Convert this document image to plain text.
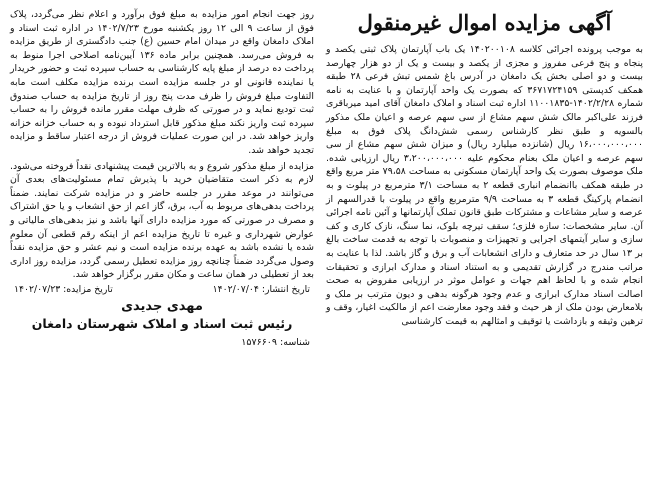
آگهی مزایده اموال غیرمنقول

به موجب پرونده اجرائی کلاسه ۱۴۰۲۰۰۱۰۸ یک باب آپارتمان پلاک ثبتی یکصد و پنجاه و پنج فرعی مفروز و مجزی از یکصد و بیست و یک از دو هزار چهارصد بیست و دو اصلی بخش یک دامغان در آدرس باغ شمس تبش فرعی ۲۸ طبقه همکف کدپستی ۳۶۷۱۷۲۴۱۵۹ که بصورت یک واحد آپارتمان و با عنایت به نامه شماره ۱۴۰۲/۲/۲۸-۱۱۰۰۱۸۳۵ اداره ثبت اسناد و املاک دامغان آقای امید میرباقری فرزند علی‌اکبر مالک شش سهم مشاع از سی سهم عرصه و اعیان ملک مذکور بالسویه و طبق نظر کارشناس رسمی شش‌دانگ پلاک فوق به مبلغ ۱۶،۰۰۰،۰۰۰،۰۰۰ ریال (شانزده میلیارد ریال) و میزان شش سهم مشاع از سی سهم عرصه و اعیان ملک بعنام محکوم علیه ۳،۲۰۰،۰۰۰،۰۰۰ ریال ارزیابی شده. ملک موصوف بصورت یک واحد آپارتمان مسکونی به مساحت ۷۹،۵۸ متر مربع واقع در طبقه همکف باانضمام انباری قطعه ۲ به مساحت ۳/۱ مترمربع در پیلوت و به انضمام پارکینگ قطعه ۳ به مساحت ۹/۹ مترمربع واقع در پیلوت با قدرالسهم از عرصه و سایر مشاعات و مشترکات طبق قانون تملک آپارتمانها و آئین نامه اجرائی آن. سایر مشخصات: سازه فلزی؛ سقف تیرچه بلوک، نما سنگ، نازک کاری و کف سازی و سایر آیتمهای اجرایی و تجهیزات و منصوبات با توجه به قدمت ساخت بالغ بر ۱۳ سال در حد متعارف و دارای انشعابات آب و برق و گاز باشد. لذا با عنایت به مراتب مندرج در گزارش تقدیمی و به استناد اسناد و مدارک ابرازی و تحقیقات انجام شده و با لحاظ اهم جهات و عوامل موثر در ارزیابی مفروض به صحت اصالت اسناد مدارک ابرازی و عدم وجود هرگونه بدهی و دیون مترتب بر ملک و بلامعارض بودن ملک از هر حیث و فقد وجود معارضت اعم از مالکیت اغیار، وقف و ترهین وثیقه و بازداشت یا توقیف و امثالهم به قیمت کارشناسی

روز جهت انجام امور مزایده به مبلغ فوق برآورد و اعلام نظر می‌گردد، پلاک فوق از ساعت ۹ الی ۱۲ روز یکشنبه مورخ ۱۴۰۲/۷/۲۳ در اداره ثبت اسناد و املاک دامغان واقع در میدان امام حسین (ع) جنب دادگستری از طریق مزایده به فروش می‌رسد. همچنین برابر ماده ۱۳۶ آیین‌نامه اصلاحی اجرا منوط به پرداخت ده درصد از مبلغ پایه کارشناسی به حساب سپرده ثبت و حضور خریدار یا نماینده قانونی او در جلسه مزایده است برنده مزایده مکلف است مابه التفاوت مبلغ فروش را ظرف مدت پنج روز از تاریخ مزایده به حساب صندوق ثبت تودیع نماید و در صورتی که ظرف مهلت مقرر مانده فروش را به حساب سپرده ثبت واریز نکند مبلغ مذکور قابل استرداد نبوده و به حساب خزانه خزانه واریز خواهد شد. در این صورت عملیات فروش از درجه اعتبار ساقط و مزایده تجدید خواهد شد.

مزایده از مبلغ مذکور شروع و به بالاترین قیمت پیشنهادی نقداً فروخته می‌شود. لازم به ذکر است متقاضیان خرید با پذیرش تمام مسئولیت‌های بعدی آن می‌توانند در موعد مقرر در جلسه حاضر و در مزایده شرکت نمایند. ضمناً پرداخت بدهی‌های مربوط به آب، برق، گاز اعم از حق انشعاب و یا حق اشتراک و مصرف در صورتی که مورد مزایده دارای آنها باشد و نیز بدهی‌های مالیاتی و عوارض شهرداری و غیره تا تاریخ مزایده اعم از اینکه رقم قطعی آن معلوم شده یا نشده باشد به عهده برنده مزایده است و نیم عشر و حق مزایده نقداً وصول می‌گردد ضمناً چنانچه روز مزایده تعطیل رسمی گردد، مزایده روز اداری بعد از تعطیلی در همان ساعت و مکان مقرر برگزار خواهد شد.

تاریخ انتشار: ۱۴۰۲/۰۷/۰۴
تاریخ مزایده: ۱۴۰۲/۰۷/۲۳
مهدی جدیدی
رئیس ثبت اسناد و املاک شهرستان دامغان
شناسه: ۱۵۷۶۶۰۹
